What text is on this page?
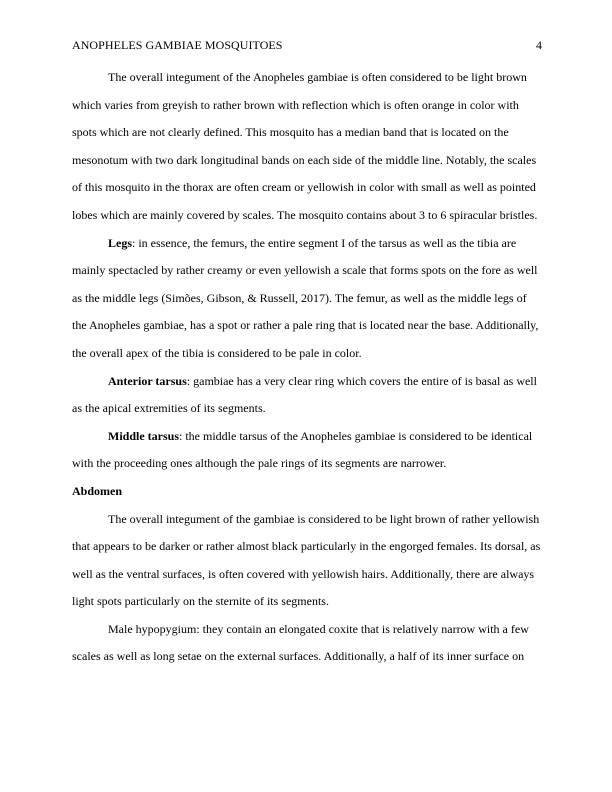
ANOPHELES GAMBIAE MOSQUITOES	4

The overall integument of the Anopheles gambiae is often considered to be light brown which varies from greyish to rather brown with reflection which is often orange in color with spots which are not clearly defined. This mosquito has a median band that is located on the mesonotum with two dark longitudinal bands on each side of the middle line. Notably, the scales of this mosquito in the thorax are often cream or yellowish in color with small as well as pointed lobes which are mainly covered by scales. The mosquito contains about 3 to 6 spiracular bristles.

Legs: in essence, the femurs, the entire segment I of the tarsus as well as the tibia are mainly spectacled by rather creamy or even yellowish a scale that forms spots on the fore as well as the middle legs (Simões, Gibson, & Russell, 2017). The femur, as well as the middle legs of the Anopheles gambiae, has a spot or rather a pale ring that is located near the base. Additionally, the overall apex of the tibia is considered to be pale in color.

Anterior tarsus: gambiae has a very clear ring which covers the entire of is basal as well as the apical extremities of its segments.

Middle tarsus: the middle tarsus of the Anopheles gambiae is considered to be identical with the proceeding ones although the pale rings of its segments are narrower.

Abdomen

The overall integument of the gambiae is considered to be light brown of rather yellowish that appears to be darker or rather almost black particularly in the engorged females. Its dorsal, as well as the ventral surfaces, is often covered with yellowish hairs. Additionally, there are always light spots particularly on the sternite of its segments.

Male hypopygium: they contain an elongated coxite that is relatively narrow with a few scales as well as long setae on the external surfaces. Additionally, a half of its inner surface on
